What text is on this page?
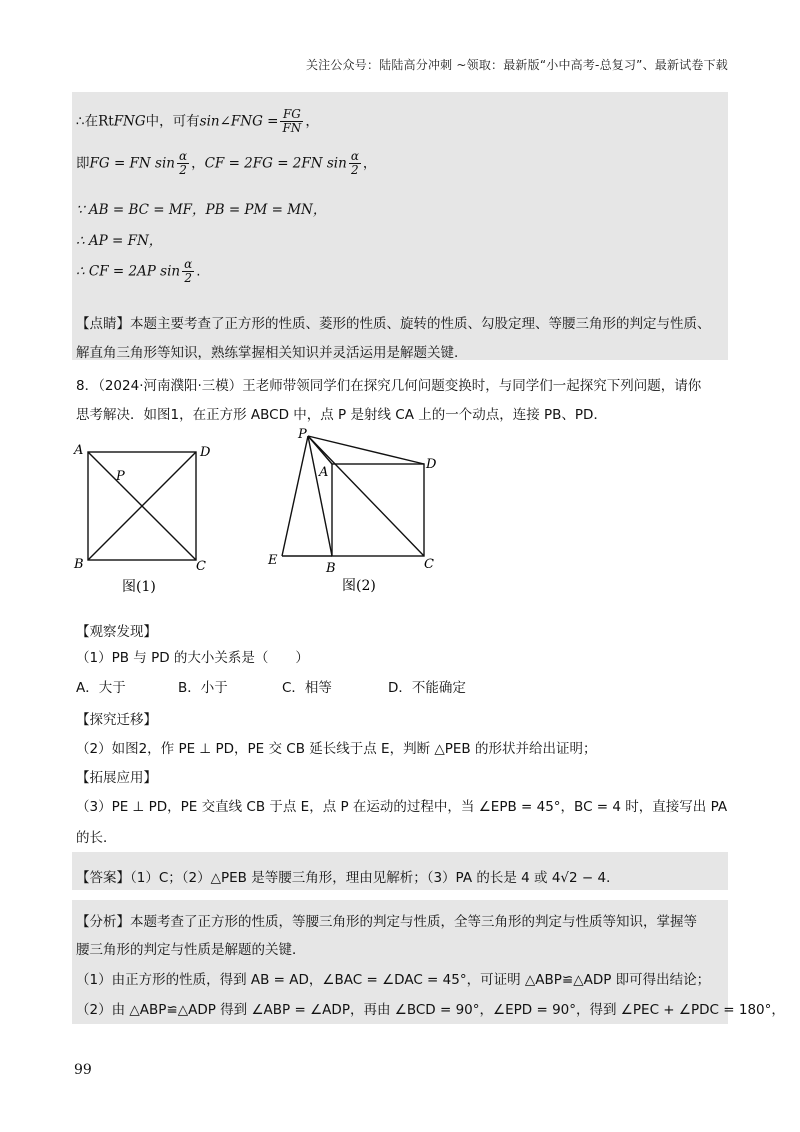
关注公众号：陆陆高分冲刺 ~领取：最新版“小中高考-总复习”、最新试卷下载
∴在RtFNG中，可有sin∠FNG = $\frac{FG}{FN}$ ，
即FG = FN $\sin \frac{\alpha}{2}$ ，CF = 2FG = 2FN $\sin \frac{\alpha}{2}$ ，
∵ AB = BC = MF，PB = PM = MN，
∴ AP = FN，
∴ CF = 2AP $\sin \frac{\alpha}{2}$ .
【点睛】本题主要考查了正方形的性质、菱形的性质、旋转的性质、勾股定理、等腰三角形的判定与性质、
解直角三角形等知识，熟练掌握相关知识并灵活运用是解题关键.
8．（2024·河南濮阳·三模）王老师带领同学们在探究几何问题变换时，与同学们一起探究下列问题，请你
思考解决．如图1，在正方形 ABCD 中，点 P 是射线 CA 上的一个动点，连接 PB、PD．
A	D
P
B	C
图(1)
P
A
D
E
B	C
图(2)
【观察发现】
（1）PB 与 PD 的大小关系是（　　）
A．大于	B．小于	C．相等	D．不能确定
【探究迁移】
（2）如图2，作 PE ⊥ PD，PE 交 CB 延长线于点 E，判断 △PEB 的形状并给出证明；
【拓展应用】
（3）PE ⊥ PD，PE 交直线 CB 于点 E，点 P 在运动的过程中，当 ∠EPB = 45°，BC = 4 时，直接写出 PA
的长．
【答案】（1）C；（2）△PEB 是等腰三角形，理由见解析；（3）PA 的长是 4 或 4√2 − 4．
【分析】本题考查了正方形的性质，等腰三角形的判定与性质，全等三角形的判定与性质等知识，掌握等
腰三角形的判定与性质是解题的关键．
（1）由正方形的性质，得到 AB = AD，∠BAC = ∠DAC = 45°，可证明 △ABP≌△ADP 即可得出结论；
（2）由 △ABP≌△ADP 得到 ∠ABP = ∠ADP，再由 ∠BCD = 90°，∠EPD = 90°，得到 ∠PEC + ∠PDC = 180°，
99
